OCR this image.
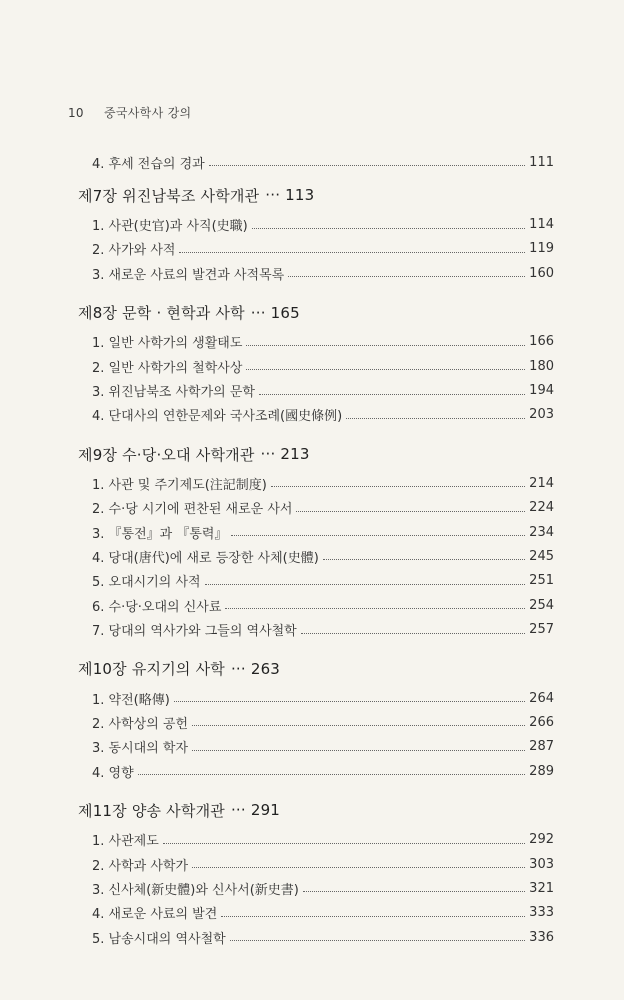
10 중국사학사 강의
4. 후세 전습의 경과	111
제7장 위진남북조 사학개관 ··· 113
1. 사관(史官)과 사직(史職)	114
2. 사가와 사적	119
3. 새로운 사료의 발견과 사적목록	160
제8장 문학 · 현학과 사학 ··· 165
1. 일반 사학가의 생활태도	166
2. 일반 사학가의 철학사상	180
3. 위진남북조 사학가의 문학	194
4. 단대사의 연한문제와 국사조례(國史條例)	203
제9장 수·당·오대 사학개관 ··· 213
1. 사관 및 주기제도(注記制度)	214
2. 수·당 시기에 편찬된 새로운 사서	224
3. 『통전』과 『통력』	234
4. 당대(唐代)에 새로 등장한 사체(史體)	245
5. 오대시기의 사적	251
6. 수·당·오대의 신사료	254
7. 당대의 역사가와 그들의 역사철학	257
제10장 유지기의 사학 ··· 263
1. 약전(略傳)	264
2. 사학상의 공헌	266
3. 동시대의 학자	287
4. 영향	289
제11장 양송 사학개관 ··· 291
1. 사관제도	292
2. 사학과 사학가	303
3. 신사체(新史體)와 신사서(新史書)	321
4. 새로운 사료의 발견	333
5. 남송시대의 역사철학	336
